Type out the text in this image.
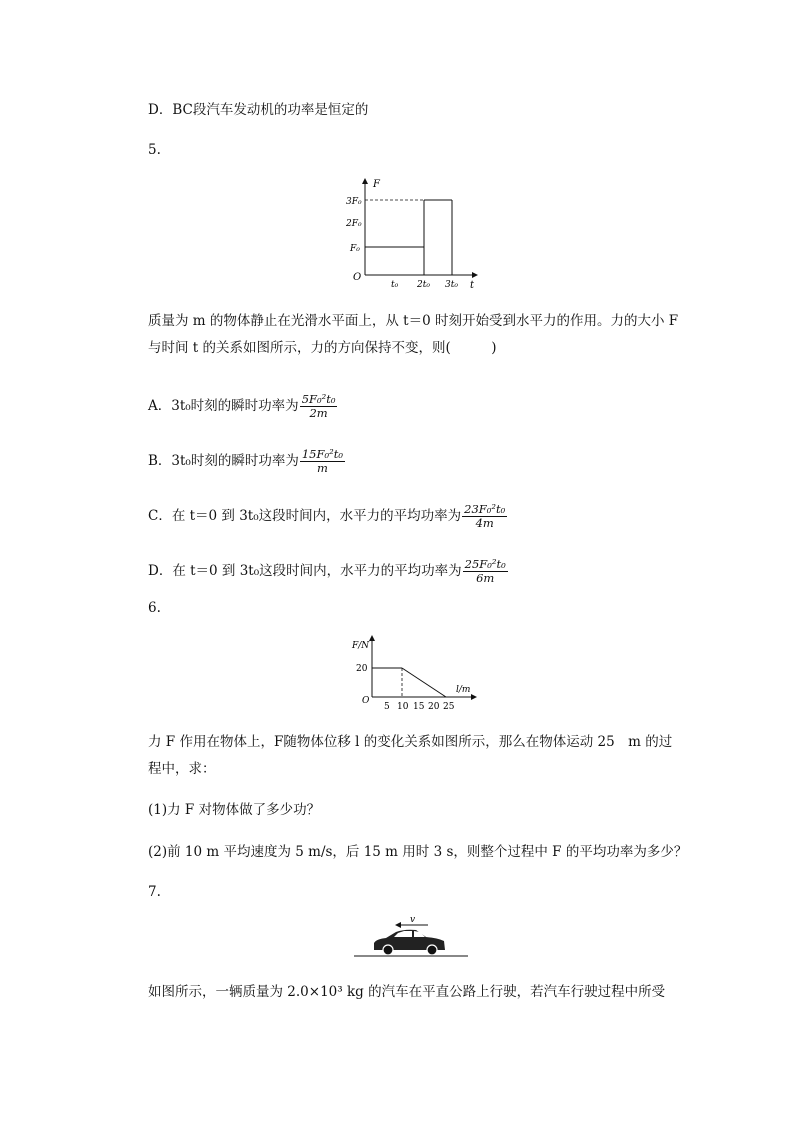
D．BC段汽车发动机的功率是恒定的
5.
F
t
O
3F₀
2F₀
F₀
t₀ 2t₀ 3t₀
质量为 m 的物体静止在光滑水平面上，从 t＝0 时刻开始受到水平力的作用。力的大小 F
与时间 t 的关系如图所示，力的方向保持不变，则(　　　)
A．3t₀时刻的瞬时功率为 $\frac{\text{5F₀²t₀}}{2m}$
B．3t₀时刻的瞬时功率为 $\frac{\text{15F₀²t₀}}{m}$
C．在 t＝0 到 3t₀这段时间内，水平力的平均功率为 $\frac{\text{23F₀²t₀}}{4m}$
D．在 t＝0 到 3t₀这段时间内，水平力的平均功率为 $\frac{\text{25F₀²t₀}}{6m}$
6.
F/N
l/m
O
20
5 10 15 20 25
力 F 作用在物体上，F随物体位移 l 的变化关系如图所示，那么在物体运动 25　m 的过
程中，求：
(1)力 F 对物体做了多少功？
(2)前 10 m 平均速度为 5 m/s，后 15 m 用时 3 s，则整个过程中 F 的平均功率为多少？
7.
v
如图所示，一辆质量为 2.0×10³ kg 的汽车在平直公路上行驶，若汽车行驶过程中所受
